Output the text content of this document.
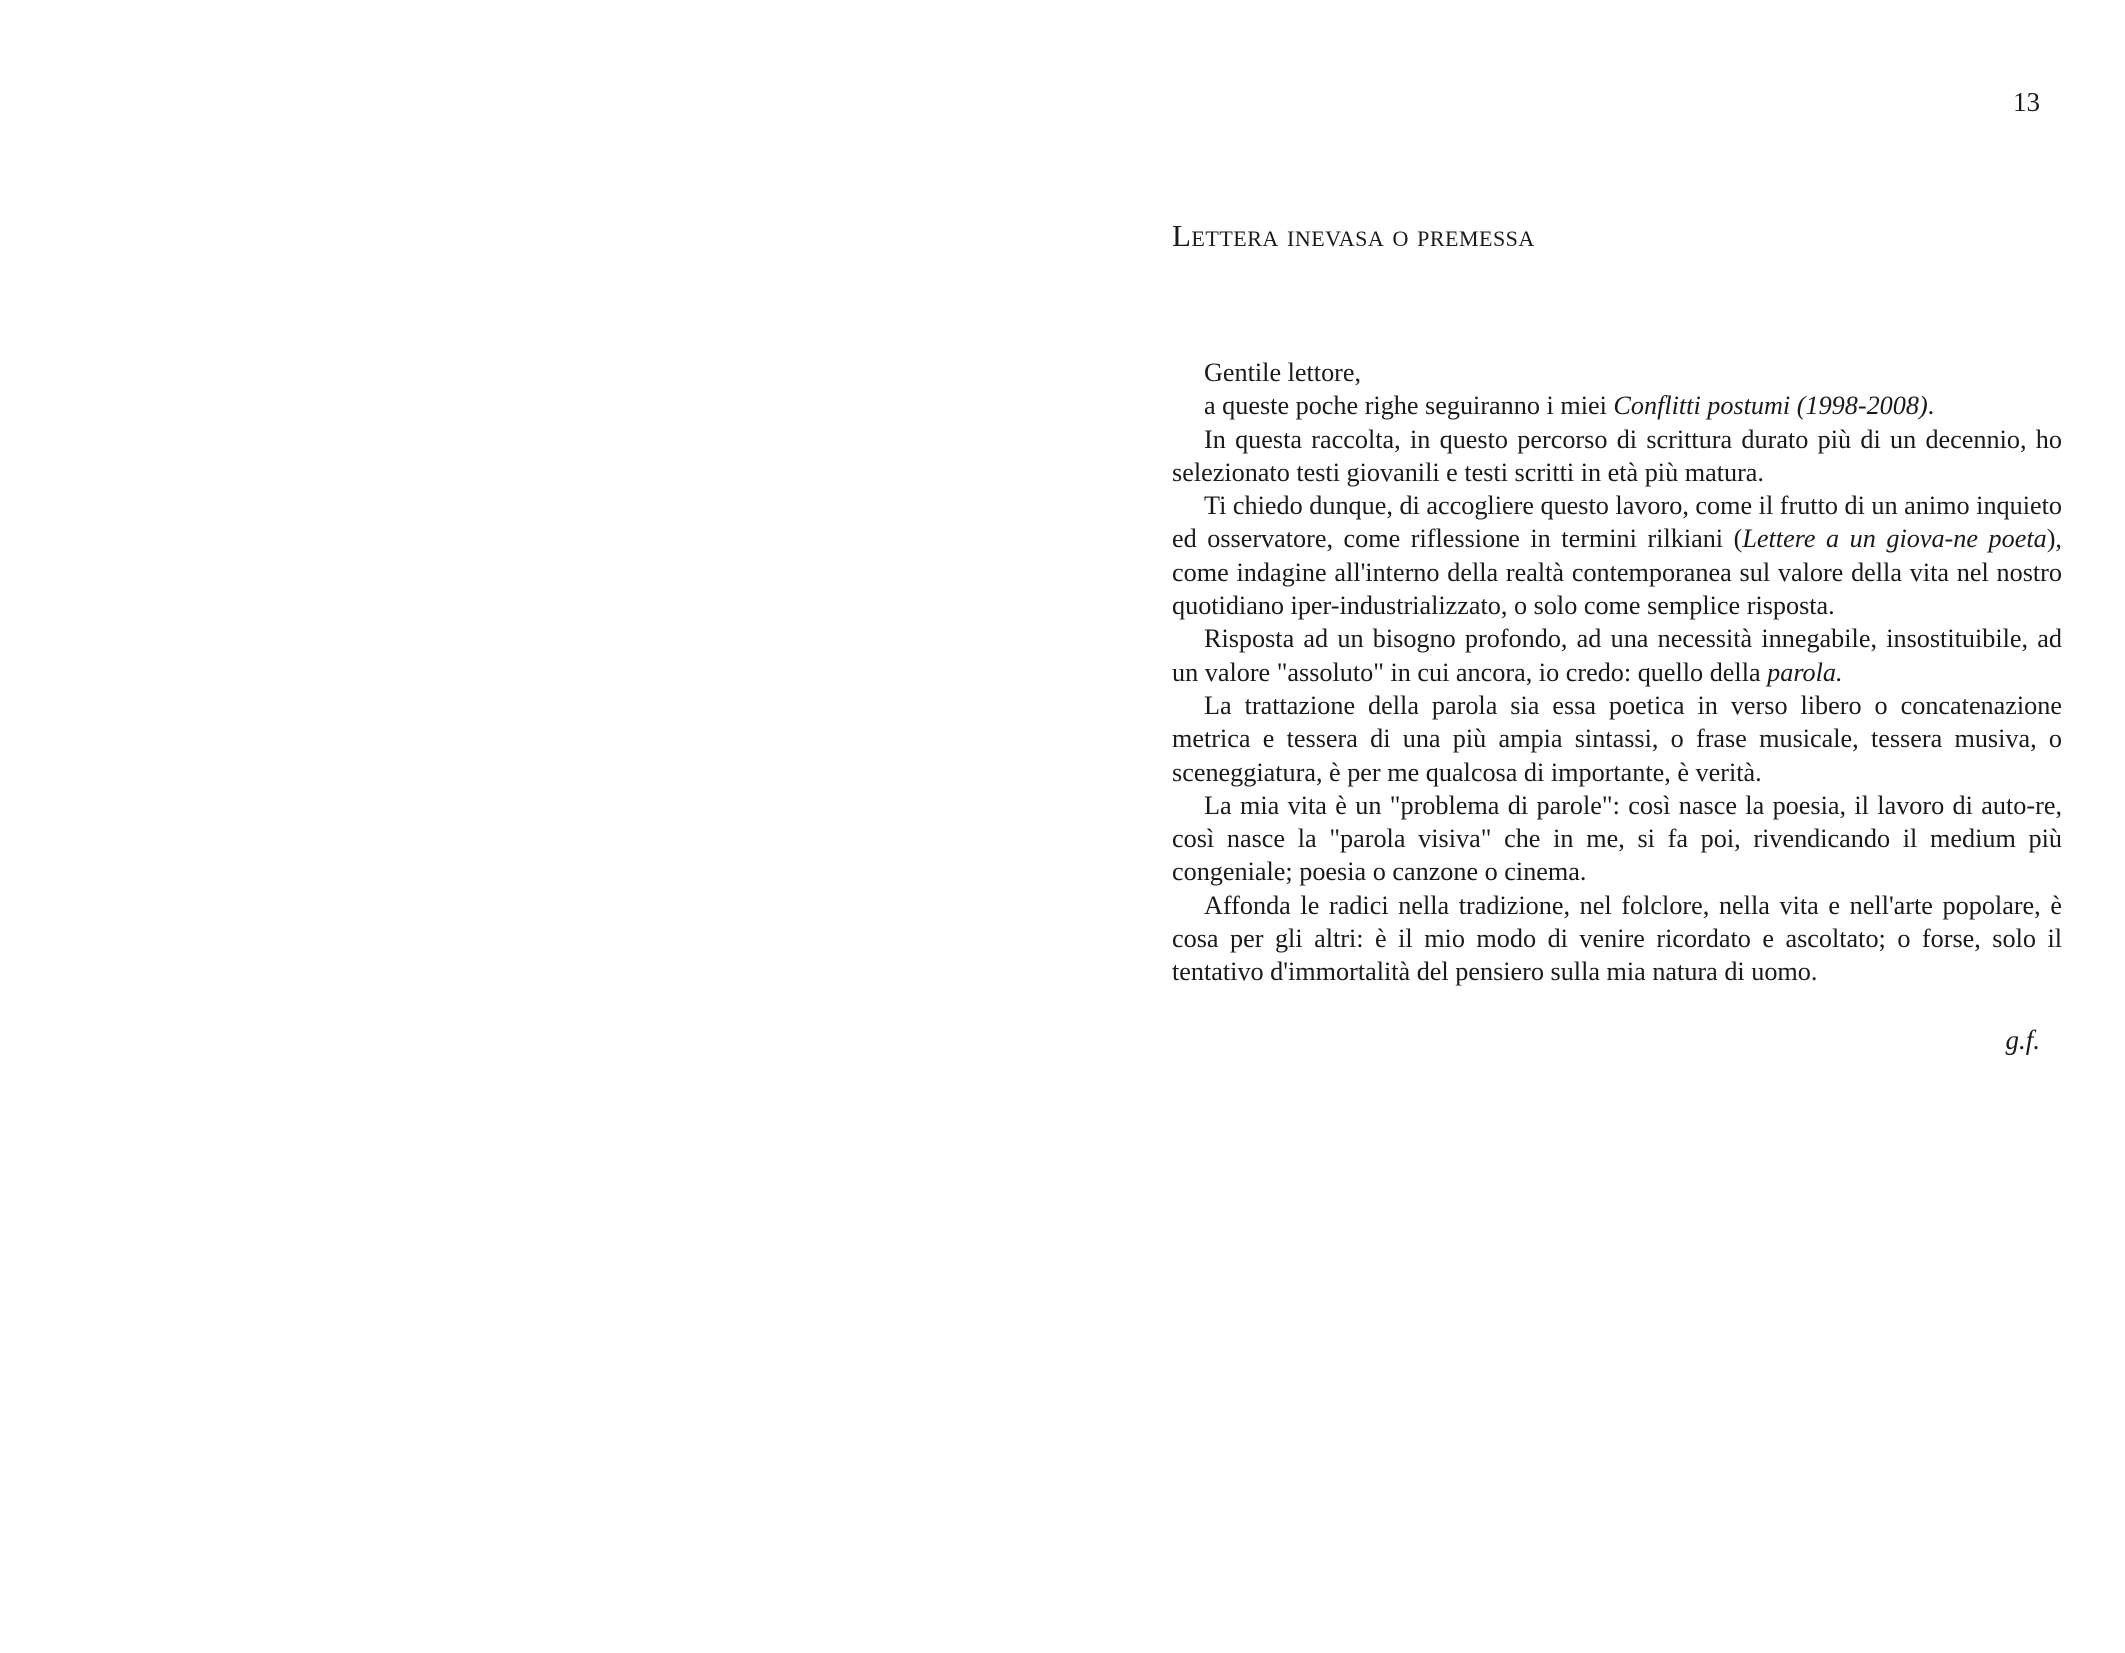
13
Lettera inevasa o premessa

Gentile lettore,

a queste poche righe seguiranno i miei Conflitti postumi (1998-2008).

In questa raccolta, in questo percorso di scrittura durato più di un decennio, ho selezionato testi giovanili e testi scritti in età più matura.

Ti chiedo dunque, di accogliere questo lavoro, come il frutto di un animo inquieto ed osservatore, come riflessione in termini rilkiani (Lettere a un giova-ne poeta), come indagine all'interno della realtà contemporanea sul valore della vita nel nostro quotidiano iper-industrializzato, o solo come semplice risposta.

Risposta ad un bisogno profondo, ad una necessità innegabile, insostituibile, ad un valore "assoluto" in cui ancora, io credo: quello della parola.

La trattazione della parola sia essa poetica in verso libero o concatenazione metrica e tessera di una più ampia sintassi, o frase musicale, tessera musiva, o sceneggiatura, è per me qualcosa di importante, è verità.

La mia vita è un "problema di parole": così nasce la poesia, il lavoro di auto-re, così nasce la "parola visiva" che in me, si fa poi, rivendicando il medium più congeniale; poesia o canzone o cinema.

Affonda le radici nella tradizione, nel folclore, nella vita e nell'arte popolare, è cosa per gli altri: è il mio modo di venire ricordato e ascoltato; o forse, solo il tentativo d'immortalità del pensiero sulla mia natura di uomo.

g.f.
